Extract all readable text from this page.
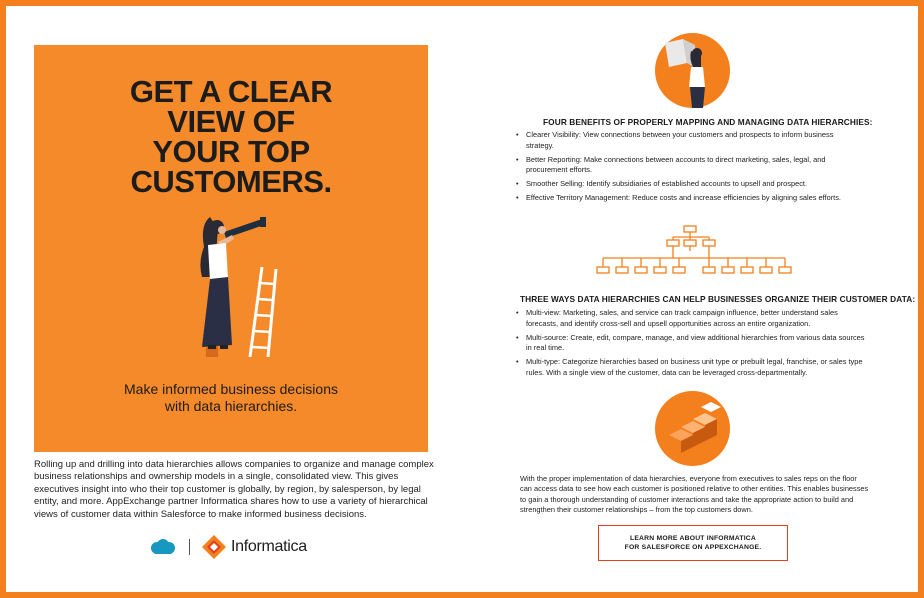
GET A CLEAR
VIEW OF
YOUR TOP
CUSTOMERS.
Make informed business decisions
with data hierarchies.

Rolling up and drilling into data hierarchies allows companies to organize and manage complex business relationships and ownership models in a single, consolidated view. This gives executives insight into who their top customer is globally, by region, by salesperson, by legal entity, and more. AppExchange partner Informatica shares how to use a variety of hierarchical views of customer data within Salesforce to make informed business decisions.

Informatica
FOUR BENEFITS OF PROPERLY MAPPING AND MANAGING DATA HIERARCHIES:
• Clearer Visibility: View connections between your customers and prospects to inform business strategy.
• Better Reporting: Make connections between accounts to direct marketing, sales, legal, and procurement efforts.
• Smoother Selling: Identify subsidiaries of established accounts to upsell and prospect.
• Effective Territory Management: Reduce costs and increase efficiencies by aligning sales efforts.
THREE WAYS DATA HIERARCHIES CAN HELP BUSINESSES ORGANIZE THEIR CUSTOMER DATA:
• Multi-view: Marketing, sales, and service can track campaign influence, better understand sales forecasts, and identify cross-sell and upsell opportunities across an entire organization.
• Multi-source: Create, edit, compare, manage, and view additional hierarchies from various data sources in real time.
• Multi-type: Categorize hierarchies based on business unit type or prebuilt legal, franchise, or sales type rules. With a single view of the customer, data can be leveraged cross-departmentally.

With the proper implementation of data hierarchies, everyone from executives to sales reps on the floor can access data to see how each customer is positioned relative to other entities. This enables businesses to gain a thorough understanding of customer interactions and take the appropriate action to build and strengthen their customer relationships – from the top customers down.

LEARN MORE ABOUT INFORMATICA
FOR SALESFORCE ON APPEXCHANGE.
